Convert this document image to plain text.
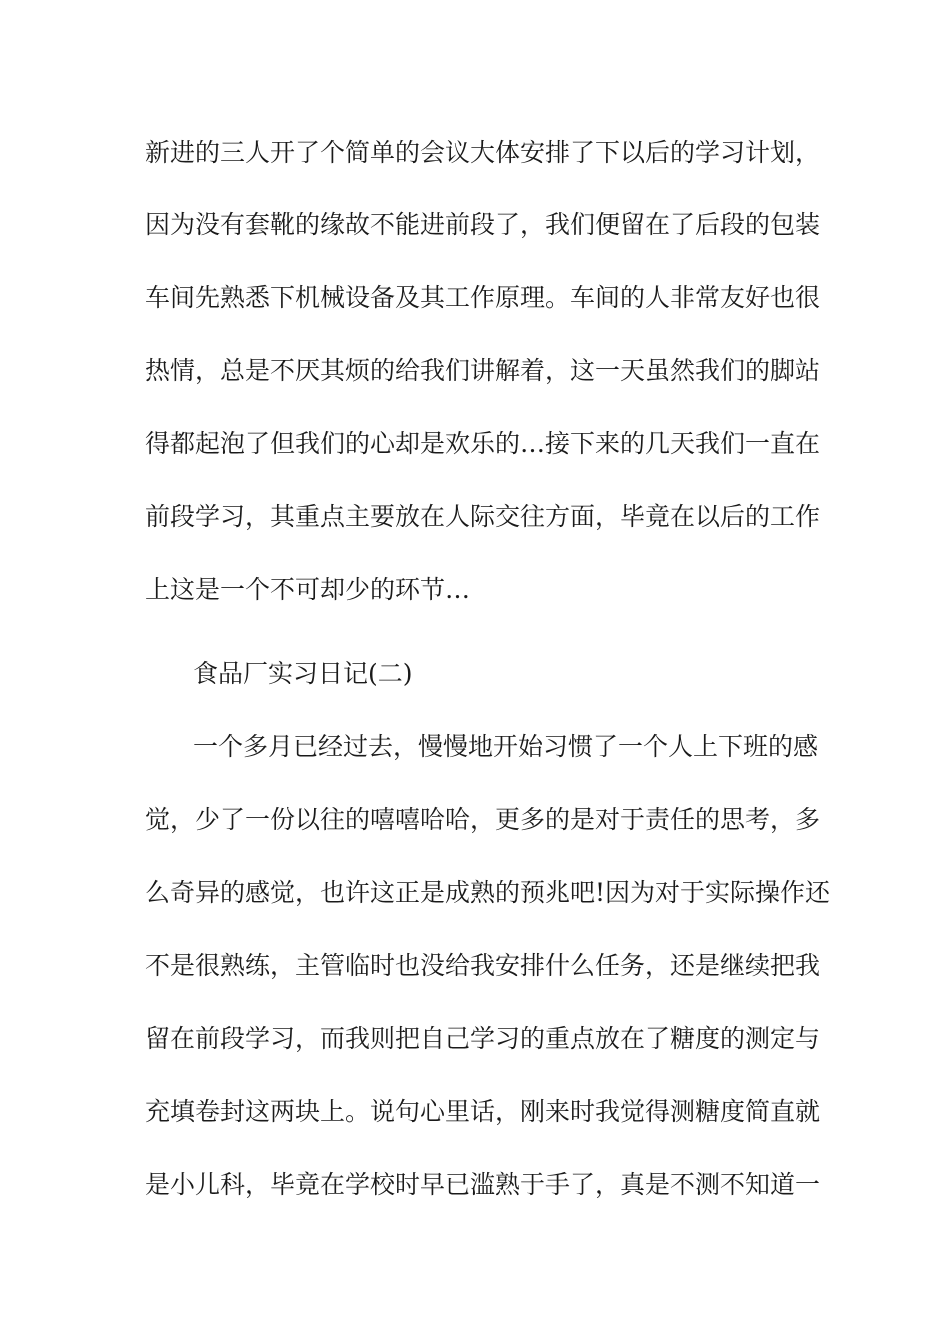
新进的三人开了个简单的会议大体安排了下以后的学习计划，
因为没有套靴的缘故不能进前段了，我们便留在了后段的包装
车间先熟悉下机械设备及其工作原理。车间的人非常友好也很
热情，总是不厌其烦的给我们讲解着，这一天虽然我们的脚站
得都起泡了但我们的心却是欢乐的…接下来的几天我们一直在
前段学习，其重点主要放在人际交往方面，毕竟在以后的工作
上这是一个不可却少的环节…
食品厂实习日记(二)
一个多月已经过去，慢慢地开始习惯了一个人上下班的感
觉，少了一份以往的嘻嘻哈哈，更多的是对于责任的思考，多
么奇异的感觉，也许这正是成熟的预兆吧!因为对于实际操作还
不是很熟练，主管临时也没给我安排什么任务，还是继续把我
留在前段学习，而我则把自己学习的重点放在了糖度的测定与
充填卷封这两块上。说句心里话，刚来时我觉得测糖度简直就
是小儿科，毕竟在学校时早已滥熟于手了，真是不测不知道一
